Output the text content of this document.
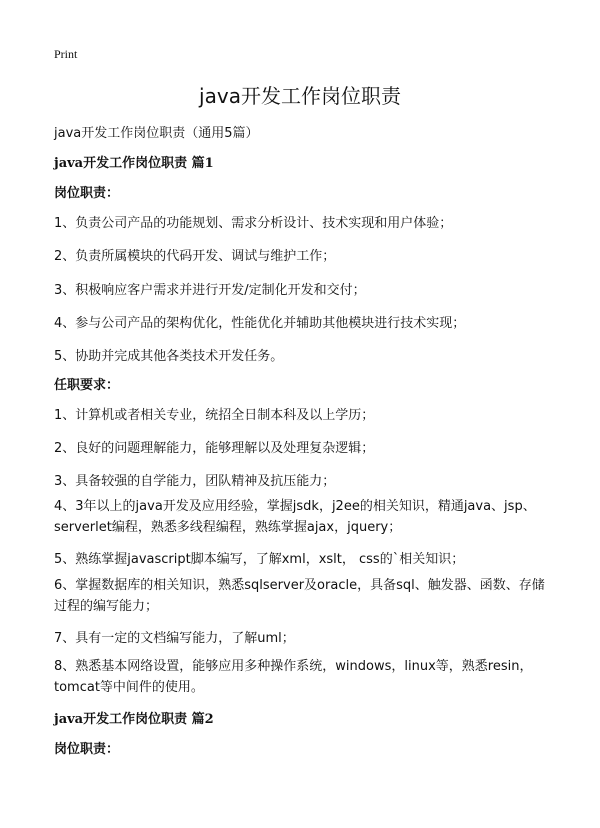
Print
java开发工作岗位职责
java开发工作岗位职责（通用5篇）
java开发工作岗位职责 篇1
岗位职责：
1、负责公司产品的功能规划、需求分析设计、技术实现和用户体验；
2、负责所属模块的代码开发、调试与维护工作；
3、积极响应客户需求并进行开发/定制化开发和交付；
4、参与公司产品的架构优化，性能优化并辅助其他模块进行技术实现；
5、协助并完成其他各类技术开发任务。
任职要求：
1、计算机或者相关专业，统招全日制本科及以上学历；
2、良好的问题理解能力，能够理解以及处理复杂逻辑；
3、具备较强的自学能力，团队精神及抗压能力；
4、3年以上的java开发及应用经验，掌握jsdk，j2ee的相关知识，精通java、jsp、serverlet编程，熟悉多线程编程，熟练掌握ajax，jquery；
5、熟练掌握javascript脚本编写，了解xml，xslt， css的`相关知识；
6、掌握数据库的相关知识，熟悉sqlserver及oracle，具备sql、触发器、函数、存储过程的编写能力；
7、具有一定的文档编写能力，了解uml；
8、熟悉基本网络设置，能够应用多种操作系统，windows，linux等，熟悉resin，tomcat等中间件的使用。
java开发工作岗位职责 篇2
岗位职责：
